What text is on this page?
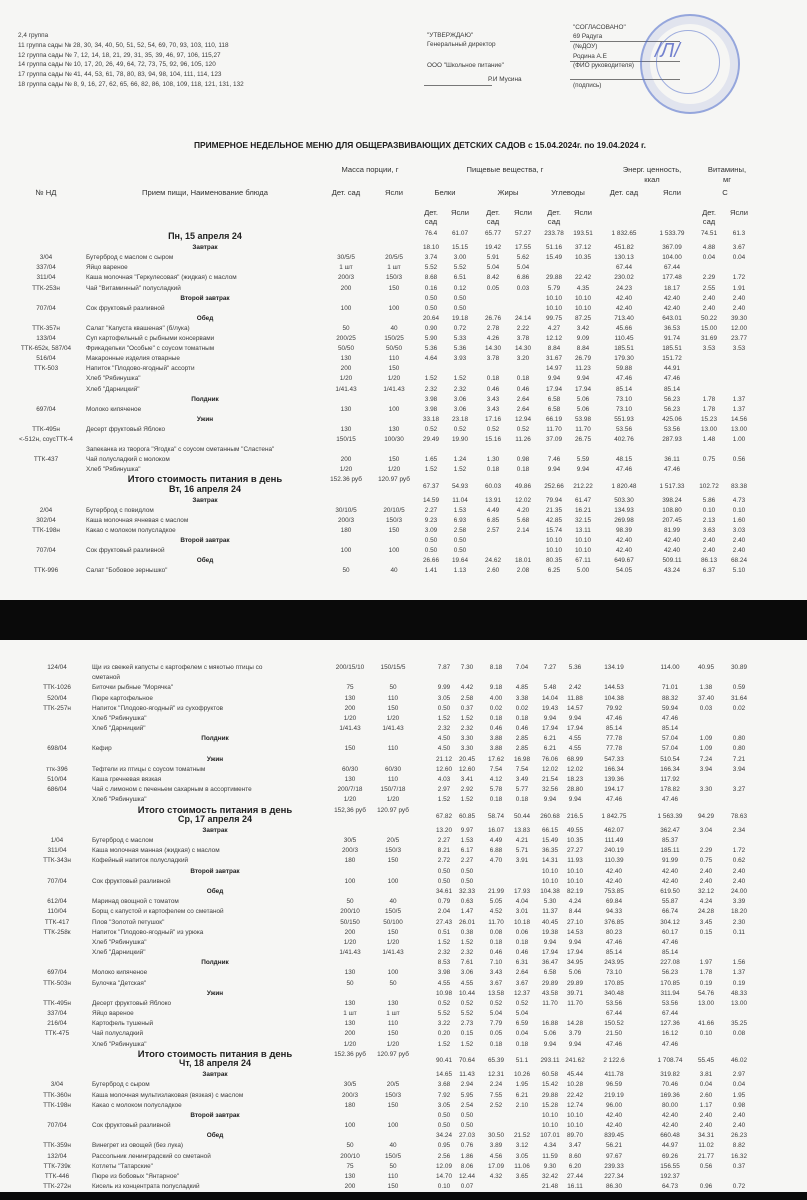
2,4 группа
11 группа сады № 28, 30, 34, 40, 50, 51, 52, 54, 69, 70, 93, 103, 110, 118
12 группа сады № 7, 12, 14, 18, 21, 29, 31, 35, 39, 46, 97, 106, 115,27
14 группа сады № 10, 17, 20, 26, 49, 64, 72, 73, 75, 92, 96, 105, 120
17 группа сады № 41, 44, 53, 61, 78, 80, 83, 94, 98, 104, 111, 114, 123
18 группа сады № 8, 9, 16, 27, 62, 65, 66, 82, 86, 108, 109, 118, 121, 131, 132
"УТВЕРЖДАЮ"
Генеральный директор
ООО "Школьное питание"
Р.И Мусина
"СОГЛАСОВАНО"
69 Радуга
(№ДОУ)
Родина А.Е
(ФИО руководителя)
(подпись)
ПРИМЕРНОЕ НЕДЕЛЬНОЕ МЕНЮ ДЛЯ ОБЩЕРАЗВИВАЮЩИХ ДЕТСКИХ САДОВ с 15.04.2024г. по 19.04.2024 г.
Масса порции, г	Пищевые вещества, г	Энерг. ценность,
ккал
Витамины,
мг
№ НД	Прием пищи, Наименование блюда	Дет. сад	Ясли	Белки	Жиры	Углеводы	Дет. сад	Ясли	С
Дет.
сад
Дет.
сад
Дет.
сад
Дет.
сад
Ясли	Ясли	Ясли	Ясли
/Л/
Пн, 15 апреля 24	76.4 61.07	65.77 57.27 233.78 193.51	1 832.65	1 533.79	74.51 61.3
Завтрак	18.10 15.15	19.42 17.55 51.16 37.12	451.82	367.09	4.88	3.67
3/04	Бутерброд с маслом с сыром	30/5/5	20/5/5	3.74	3.00	5.91	5.62	15.49 10.35	130.13	104.00	0.04	0.04
337/04	Яйцо вареное	1 шт	1 шт	5.52	5.52	5.04	5.04	67.44	67.44
311/04	Каша молочная "Геркулесовая" (жидкая) с маслом	200/3	150/3	8.68	6.51	8.42	6.86	29.88 22.42	230.02	177.48	2.29	1.72
ТТК-253н	Чай "Витаминный" полусладкий	200	150	0.16	0.12	0.05	0.03	5.79	4.35	24.23	18.17	2.55	1.91
Второй завтрак	0.50	0.50	10.10 10.10	42.40	42.40	2.40	2.40
707/04	Сок фруктовый разливной	100	100	0.50	0.50	10.10 10.10	42.40	42.40	2.40	2.40
Обед	20.64 19.18	26.76 24.14 99.75 87.25	713.40	643.01	50.22 39.30
ТТК-357н	Салат "Капуста квашеная" (б/лука)	50	40	0.90	0.72	2.78	2.22	4.27	3.42	45.66	36.53	15.00 12.00
133/04	Суп картофельный с рыбными консервами	200/25	150/25	5.90	5.33	4.26	3.78	12.12 9.09	110.45	91.74	31.69 23.77
ТТК-652к, 587/04 Фрикадельки "Особые" с соусом томатным	50/50	50/50	5.36	5.36	14.30 14.30	8.84	8.84	185.51	185.51	3.53	3.53
516/04	Макаронные изделия отварные	130	110	4.64	3.93	3.78	3.20	31.67 26.79	179.30	151.72
ТТК-503	Напиток "Плодово-ягодный" ассорти	200	150	14.97 11.23	59.88	44.91
Хлеб "Рябинушка"	1/20	1/20	1.52	1.52	0.18	0.18	9.94	9.94	47.46	47.46
Хлеб "Дарницкий"	1/41.43	1/41.43	2.32	2.32	0.46	0.46	17.94 17.94	85.14	85.14
Полдник	3.98	3.06	3.43	2.64	6.58	5.06	73.10	56.23	1.78	1.37
697/04	Молоко кипяченое	130	100	3.98	3.06	3.43	2.64	6.58	5.06	73.10	56.23	1.78	1.37
Ужин	33.18 23.18	17.16 12.94 66.19 53.98	551.93	425.06	15.23 14.56
ТТК-495н	Десерт фруктовый Яблоко	130	130	0.52	0.52	0.52	0.52	11.70 11.70	53.56	53.56	13.00 13.00
<-512н, соусТТК-4	150/15	100/30	29.49 19.90	15.16 11.26 37.09 26.75	402.76	287.93	1.48	1.00
Запеканка из творога "Ягодка" с соусом сметанным "Сластена"
ТТК-437	Чай полусладкий с молоком	200	150	1.65	1.24	1.30	0.98	7.46	5.59	48.15	36.11	0.75	0.56
Хлеб "Рябинушка"	1/20	1/20	1.52	1.52	0.18	0.18	9.94	9.94	47.46	47.46
Итого стоимость питания в день	152.36 руб	120.97 руб
Вт, 16 апреля 24	67.37 54.93	60.03 49.86 252.66 212.22	1 820.48	1 517.33 102.72 83.38
Завтрак	14.59 11.04	13.91 12.02 79.94 61.47	503.30	398.24	5.86	4.73
2/04	Бутерброд с повидлом	30/10/5	20/10/5	2.27	1.53	4.49	4.20	21.35 16.21	134.93	108.80	0.10	0.10
302/04	Каша молочная ячневая с маслом	200/3	150/3	9.23	6.93	6.85	5.68	42.85 32.15	269.98	207.45	2.13	1.60
ТТК-198н	Какао с молоком полусладкое	180	150	3.09	2.58	2.57	2.14	15.74 13.11	98.39	81.99	3.63	3.03
Второй завтрак	0.50	0.50	10.10 10.10	42.40	42.40	2.40	2.40
707/04	Сок фруктовый разливной	100	100	0.50	0.50	10.10 10.10	42.40	42.40	2.40	2.40
Обед	26.66 19.64	24.62 18.01 80.35 67.11	649.67	509.11	86.13 68.24
ТТК-996	Салат "Бобовое зернышко"	50	40	1.41	1.13	2.60	2.08	6.25	5.00	54.05	43.24	6.37	5.10
124/04	Щи из свежей капусты с картофелем с мякотью птицы со	200/15/10	150/15/5	7.87 7.30	8.18 7.04 7.27 5.36	134.19	114.00	40.95	30.89
сметаной
ТТК-1026	Биточки рыбные "Морячка"	75	50	9.99 4.42	9.18 4.85 5.48 2.42	144.53	71.01	1.38	0.59
520/04	Пюре картофельное	130	110	3.05 2.58	4.00 3.38 14.04 11.88	104.38	88.32	37.40	31.64
ТТК-257н	Напиток "Плодово-ягодный" из сухофруктов	200	150	0.50 0.37	0.02 0.02 19.43 14.57	79.92	59.94	0.03	0.02
Хлеб "Рябинушка"	1/20	1/20	1.52 1.52	0.18 0.18 9.94 9.94	47.46	47.46
Хлеб "Дарницкий"	1/41.43	1/41.43	2.32 2.32	0.46 0.46 17.94 17.94	85.14	85.14
Полдник	4.50 3.30	3.88 2.85 6.21 4.55	77.78	57.04	1.09	0.80
698/04	Кефир	150	110	4.50 3.30	3.88 2.85 6.21 4.55	77.78	57.04	1.09	0.80
Ужин	21.12 20.45 17.62 16.98 76.06 68.99	547.33	510.54	7.24	7.21
ттк-396	Тефтели из птицы с соусом томатным	60/30	60/30	12.60 12.60 7.54 7.54 12.02 12.02	166.34	166.34	3.94	3.94
510/04	Каша гречневая вязкая	130	110	4.03 3.41	4.12 3.49 21.54 18.23	139.36	117.92
686/04	Чай с лимоном с печеньем сахарным в ассортименте	200/7/18	150/7/18	2.97 2.92	5.78 5.77 32.56 28.80	194.17	178.82	3.30	3.27
Хлеб "Рябинушка"	1/20	1/20	1.52 1.52	0.18 0.18 9.94 9.94	47.46	47.46
Итого стоимость питания в день	152,36 руб 120.97 руб
Ср, 17 апреля 24	67.82 60.85 58.74 50.44 260.68 216.5	1 842.75	1 563.39 94.29	78.63
Завтрак	13.20 9.97 16.07 13.83 66.15 49.55	462.07	362.47	3.04	2.34
1/04	Бутерброд с маслом	30/5	20/5	2.27 1.53	4.49 4.21 15.49 10.35	111.49	85.37
311/04	Каша молочная манная (жидкая) с маслом	200/3	150/3	8.21 6.17	6.88 5.71 36.35 27.27	240.19	185.11	2.29	1.72
ТТК-343н	Кофейный напиток полусладкий	180	150	2.72 2.27	4.70 3.91 14.31 11.93	110.39	91.99	0.75	0.62
Второй завтрак	0.50 0.50	10.10 10.10	42.40	42.40	2.40	2.40
707/04	Сок фруктовый разливной	100	100	0.50 0.50	10.10 10.10	42.40	42.40	2.40	2.40
Обед	34.61 32.33 21.99 17.93 104.38 82.19	753.85	619.50	32.12	24.00
612/04	Маринад овощной с томатом	50	40	0.79 0.63	5.05 4.04 5.30 4.24	69.84	55.87	4.24	3.39
110/04	Борщ с капустой и картофелем со сметаной	200/10	150/5	2.04 1.47	4.52 3.01 11.37 8.44	94.33	66.74	24.28	18.20
ТТК-417	Плов "Золотой петушок"	50/150	50/100	27.43 26.01 11.70 10.18 40.45 27.10	376.85	304.12	3.45	2.30
ТТК-258к	Напиток "Плодово-ягодный" из урюка	200	150	0.51 0.38	0.08 0.06 19.38 14.53	80.23	60.17	0.15	0.11
Хлеб "Рябинушка"	1/20	1/20	1.52 1.52	0.18 0.18 9.94 9.94	47.46	47.46
Хлеб "Дарницкий"	1/41.43	1/41.43	2.32 2.32	0.46 0.46 17.94 17.94	85.14	85.14
Полдник	8.53 7.61	7.10 6.31 36.47 34.95	243.95	227.08	1.97	1.56
697/04	Молоко кипяченое	130	100	3.98 3.06	3.43 2.64 6.58 5.06	73.10	56.23	1.78	1.37
ТТК-503н	Булочка "Детская"	50	50	4.55 4.55	3.67 3.67 29.89 29.89	170.85	170.85	0.19	0.19
Ужин	10.98 10.44 13.58 12.37 43.58 39.71	340.48	311.94	54.76	48.33
ТТК-495н	Десерт фруктовый Яблоко	130	130	0.52 0.52	0.52 0.52 11.70 11.70	53.56	53.56	13.00	13.00
337/04	Яйцо вареное	1 шт	1 шт	5.52 5.52	5.04 5.04	67.44	67.44
216/04	Картофель тушеный	130	110	3.22 2.73	7.79 6.59 16.88 14.28	150.52	127.36	41.66	35.25
ТТК-475	Чай полусладкий	200	150	0.20 0.15	0.05 0.04 5.06 3.79	21.50	16.12	0.10	0.08
Хлеб "Рябинушка"	1/20	1/20	1.52 1.52	0.18 0.18 9.94 9.94	47.46	47.46
Итого стоимость питания в день	152.36 руб 120.97 руб
Чт, 18 апреля 24	90.41 70.64 65.39 51.1 293.11 241.62	2 122.6	1 708.74 55.45	46.02
Завтрак	14.65 11.43 12.31 10.26 60.58 45.44	411.78	319.82	3.81	2.97
3/04	Бутерброд с сыром	30/5	20/5	3.68 2.94	2.24 1.95 15.42 10.28	96.59	70.46	0.04	0.04
ТТК-360н	Каша молочная мультизлаковая (вязкая) с маслом	200/3	150/3	7.92 5.95	7.55 6.21 29.88 22.42	219.19	169.36	2.60	1.95
ТТК-198н	Какао с молоком полусладкое	180	150	3.05 2.54	2.52 2.10 15.28 12.74	96.00	80.00	1.17	0.98
Второй завтрак	0.50 0.50	10.10 10.10	42.40	42.40	2.40	2.40
707/04	Сок фруктовый разливной	100	100	0.50 0.50	10.10 10.10	42.40	42.40	2.40	2.40
Обед	34.24 27.03 30.50 21.52 107.01 89.70	839.45	660.48	34.31	26.23
ТТК-359н	Винегрет из овощей (без лука)	50	40	0.95 0.76	3.89 3.12 4.34 3.47	56.21	44.97	11.02	8.82
132/04	Рассольник ленинградский со сметаной	200/10	150/5	2.56 1.86	4.56 3.05 11.59 8.60	97.67	69.26	21.77	16.32
ТТК-739к	Котлеты "Татарские"	75	50	12.09 8.06 17.09 11.06 9.30 6.20	239.33	156.55	0.56	0.37
ТТК-446	Пюре из бобовых "Янтарное"	130	110	14.70 12.44 4.32 3.65 32.42 27.44	227.34	192.37
ТТК-272н	Кисель из концентрата полусладкий	200	150	0.10 0.07	21.48 16.11	86.30	64.73	0.96	0.72
